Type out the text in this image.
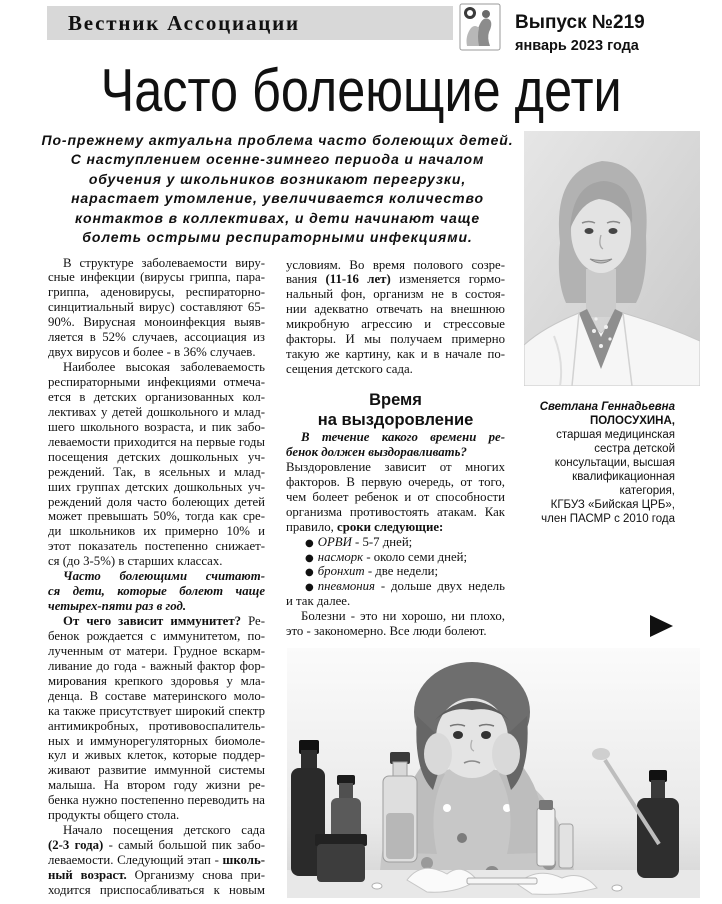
Вестник Ассоциации	Выпуск №219
январь 2023 года
Часто болеющие дети
По-прежнему актуальна проблема часто болеющих детей.
С наступлением осенне-зимнего периода и началом
обучения у школьников возникают перегрузки,
нарастает утомление, увеличивается количество
контактов в коллективах, и дети начинают чаще
болеть острыми респираторными инфекциями.
Светлана Геннадьевна
ПОЛОСУХИНА,
старшая медицинская
сестра детской
консультации, высшая
квалификационная
категория,
КГБУЗ «Бийская ЦРБ»,
член ПАСМР с 2010 года
В структуре заболеваемости виру-
сные инфекции (вирусы гриппа, пара-
гриппа, аденовирусы, респираторно-
синцитиальный вирус) составляют 65-
90%. Вирусная моноинфекция выяв-
ляется в 52% случаев, ассоциация из
двух вирусов и более - в 36% случаев.
Наиболее высокая заболеваемость
респираторными инфекциями отмеча-
ется в детских организованных кол-
лективах у детей дошкольного и млад-
шего школьного возраста, и пик забо-
леваемости приходится на первые годы
посещения детских дошкольных уч-
реждений. Так, в ясельных и млад-
ших группах детских дошкольных уч-
реждений доля часто болеющих детей
может превышать 50%, тогда как сре-
ди школьников их примерно 10% и
этот показатель постепенно снижает-
ся (до 3-5%) в старших классах.
Часто болеющими считают-
ся дети, которые болеют чаще
четырех-пяти раз в год.
От чего зависит иммунитет? Ре-
бенок рождается с иммунитетом, по-
лученным от матери. Грудное вскарм-
ливание до года - важный фактор фор-
мирования крепкого здоровья у мла-
денца. В составе материнского моло-
ка также присутствует широкий спектр
антимикробных, противовоспалитель-
ных и иммунорегуляторных биомоле-
кул и живых клеток, которые поддер-
живают развитие иммунной системы
малыша. На втором году жизни ре-
бенка нужно постепенно переводить на
продукты общего стола.
Начало посещения детского сада
(2-3 года) - самый большой пик забо-
леваемости. Следующий этап - школь-
ный возраст. Организму снова при-
ходится приспосабливаться к новым
условиям. Во время полового созре-
вания (11-16 лет) изменяется гормо-
нальный фон, организм не в состоя-
нии адекватно отвечать на внешнюю
микробную агрессию и стрессовые
факторы. И мы получаем примерно
такую же картину, как и в начале по-
сещения детского сада.
Время
на выздоровление
В течение какого времени ре-
бенок должен выздоравливать?
Выздоровление зависит от многих
факторов. В первую очередь, от того,
чем болеет ребенок и от способности
организма противостоять атакам. Как
правило, сроки следующие:
● ОРВИ - 5-7 дней;
● насморк - около семи дней;
● бронхит - две недели;
● пневмония - дольше двух недель
и так далее.
Болезни - это ни хорошо, ни плохо,
это - закономерно. Все люди болеют.
